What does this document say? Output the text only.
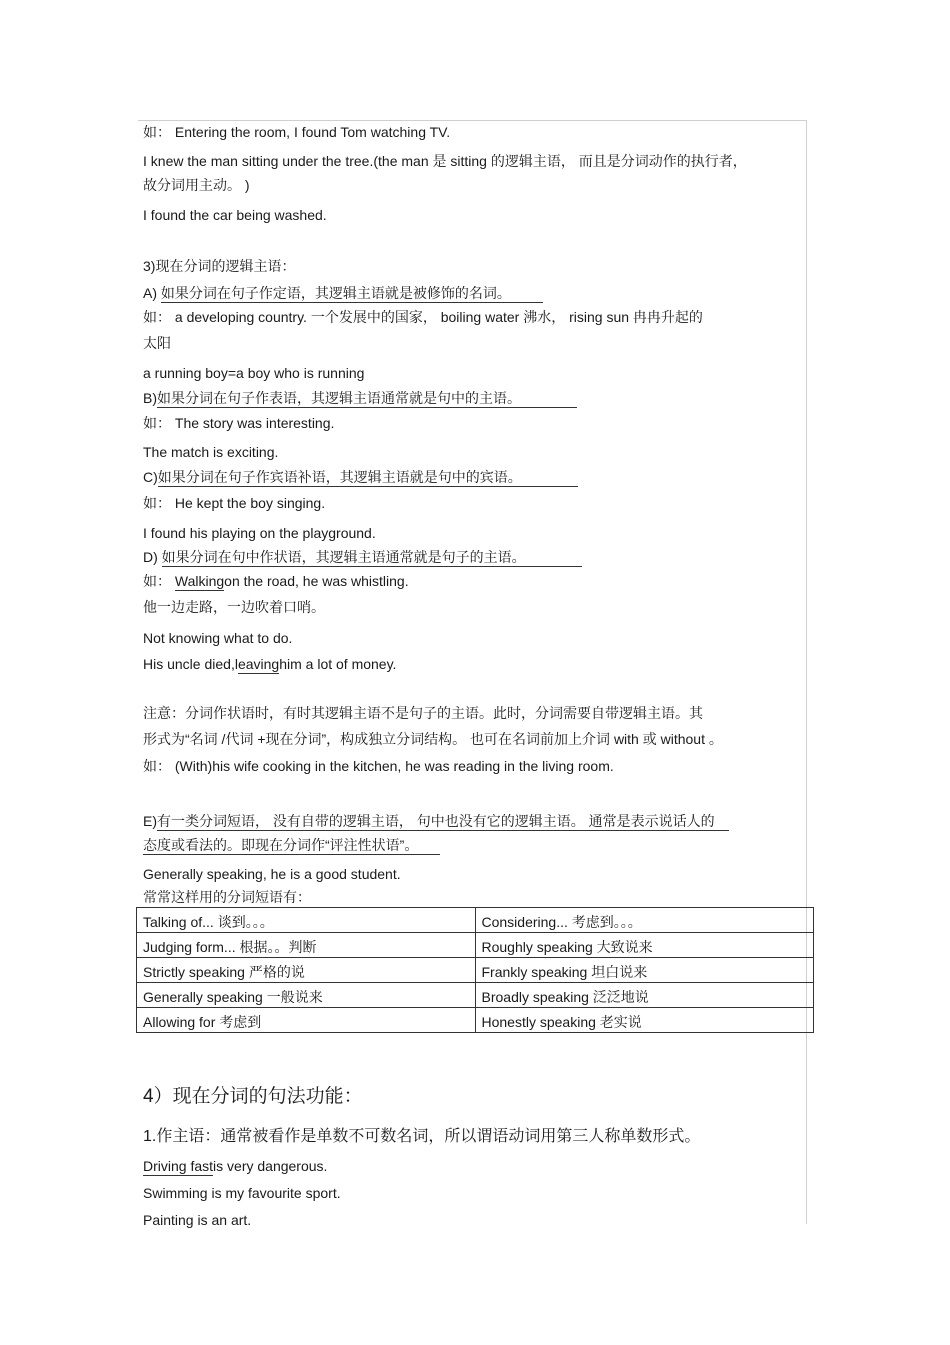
如： Entering the room, I found Tom watching TV.
I knew the man sitting under the tree.(the man 是 sitting 的逻辑主语， 而且是分词动作的执行者，
故分词用主动。 )
I found the car being washed.
3)现在分词的逻辑主语：
A) 如果分词在句子作定语，其逻辑主语就是被修饰的名词。
如： a developing country. 一个发展中的国家， boiling water 沸水， rising sun 冉冉升起的
太阳
a running boy=a boy who is running
B)如果分词在句子作表语，其逻辑主语通常就是句中的主语。
如： The story was interesting.
The match is exciting.
C)如果分词在句子作宾语补语，其逻辑主语就是句中的宾语。
如： He kept the boy singing.
I found his playing on the playground.
D) 如果分词在句中作状语，其逻辑主语通常就是句子的主语。
如： Walkingon the road, he was whistling.
他一边走路，一边吹着口哨。
Not knowing what to do.
His uncle died,leavinghim a lot of money.
注意：分词作状语时，有时其逻辑主语不是句子的主语。此时，分词需要自带逻辑主语。其
形式为“名词 /代词 +现在分词”，构成独立分词结构。 也可在名词前加上介词 with 或 without 。
如： (With)his wife cooking in the kitchen, he was reading in the living room.
E)有一类分词短语， 没有自带的逻辑主语， 句中也没有它的逻辑主语。 通常是表示说话人的
态度或看法的。即现在分词作“评注性状语”。
Generally speaking, he is a good student.
常常这样用的分词短语有：
Talking of... 谈到。。。	Considering... 考虑到。。。
Judging form... 根据。。判断	Roughly speaking 大致说来
Strictly speaking 严格的说	Frankly speaking 坦白说来
Generally speaking 一般说来	Broadly speaking 泛泛地说
Allowing for 考虑到	Honestly speaking 老实说
4）现在分词的句法功能：
1.作主语：通常被看作是单数不可数名词，所以谓语动词用第三人称单数形式。
Driving fastis very dangerous.
Swimming is my favourite sport.
Painting is an art.
